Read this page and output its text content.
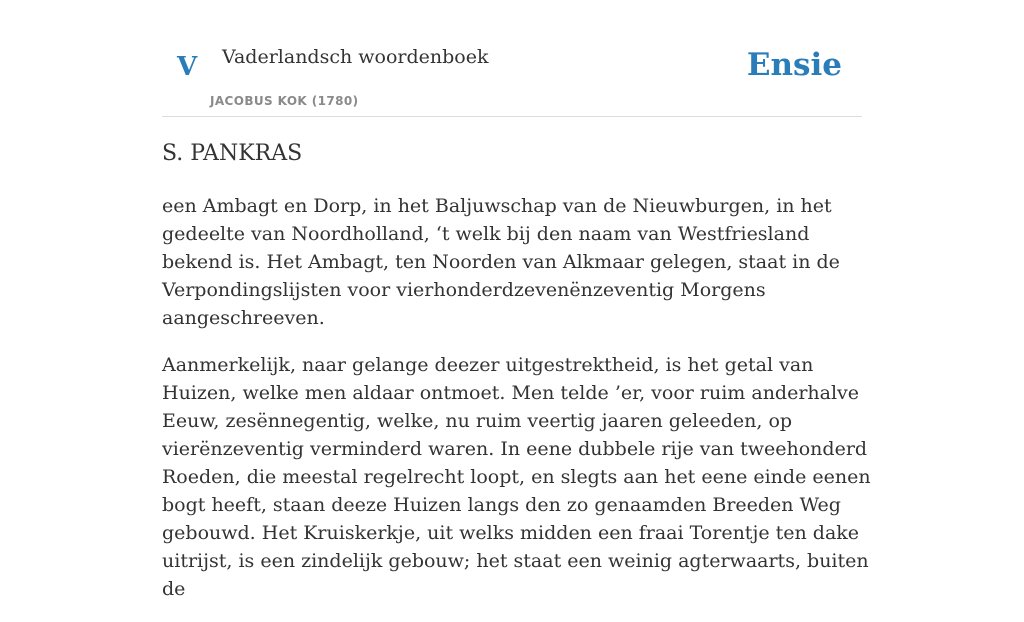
V Vaderlandsch woordenboek
JACOBUS KOK (1780)
Ensie
S. PANKRAS

een Ambagt en Dorp, in het Baljuwschap van de Nieuwburgen, in het gedeelte van Noordholland, ‘t welk bij den naam van Westfriesland bekend is. Het Ambagt, ten Noorden van Alkmaar gelegen, staat in de Verpondingslijsten voor vierhonderdzevenënzeventig Morgens aangeschreeven.

Aanmerkelijk, naar gelange deezer uitgestrektheid, is het getal van Huizen, welke men aldaar ontmoet. Men telde ’er, voor ruim anderhalve Eeuw, zesënnegentig, welke, nu ruim veertig jaaren geleeden, op vierënzeventig verminderd waren. In eene dubbele rije van tweehonderd Roeden, die meestal regelrecht loopt, en slegts aan het eene einde eenen bogt heeft, staan deeze Huizen langs den zo genaamden Breeden Weg gebouwd. Het Kruiskerkje, uit welks midden een fraai Torentje ten dake uitrijst, is een zindelijk gebouw; het staat een weinig agterwaarts, buiten de
